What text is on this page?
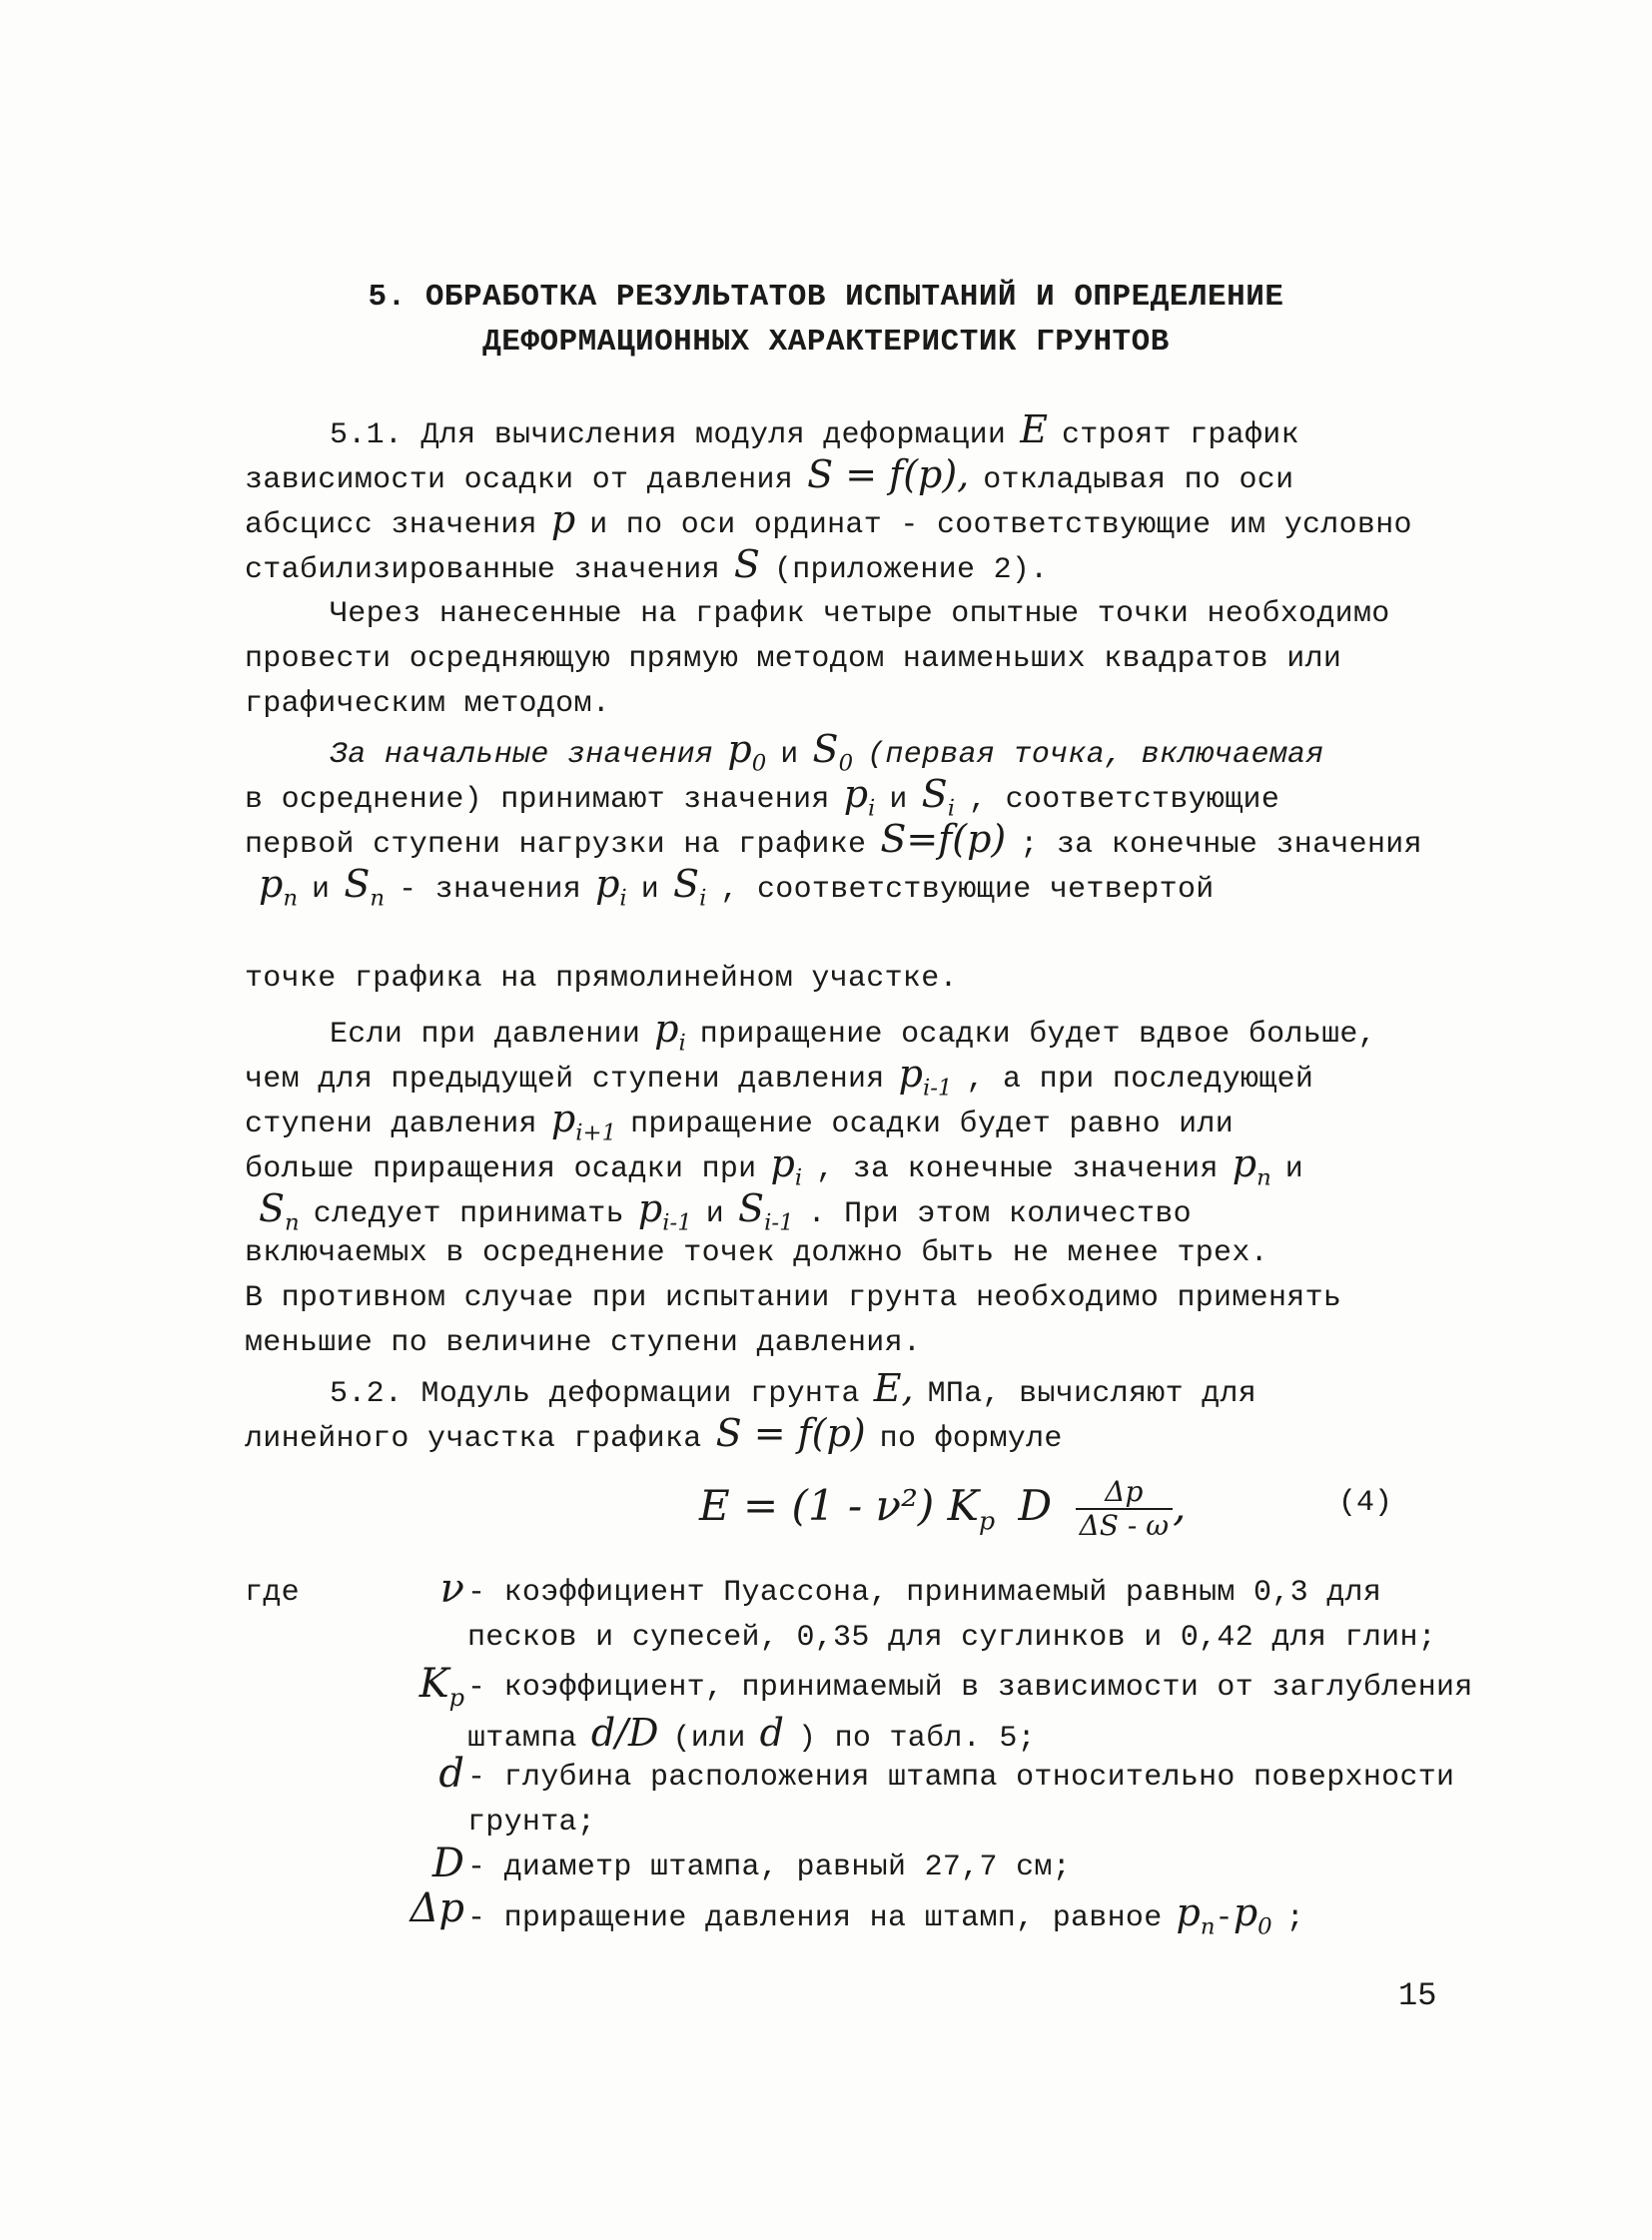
5. ОБРАБОТКА РЕЗУЛЬТАТОВ ИСПЫТАНИЙ И ОПРЕДЕЛЕНИЕ
ДЕФОРМАЦИОННЫХ ХАРАКТЕРИСТИК ГРУНТОВ
5.1. Для вычисления модуля деформации E строят график
зависимости осадки от давления S = f(p), откладывая по оси
абсцисс значения p и по оси ординат - соответствующие им условно
стабилизированные значения S (приложение 2).
Через нанесенные на график четыре опытные точки необходимо
провести осредняющую прямую методом наименьших квадратов или
графическим методом.
За начальные значения $p_0$ и $S_0$ (первая точка, включаемая
в осреднение) принимают значения $p_i$ и $S_i$ , соответствующие
первой ступени нагрузки на графике S=f(p) ; за конечные значения
$p_n$ и $S_n$ - значения $p_i$ и $S_i$ , соответствующие четвертой
точке графика на прямолинейном участке.
Если при давлении $p_i$ приращение осадки будет вдвое больше,
чем для предыдущей ступени давления $p_{i-1}$ , а при последующей
ступени давления $p_{i+1}$ приращение осадки будет равно или
больше приращения осадки при $p_i$ , за конечные значения $p_n$ и
$S_n$ следует принимать $p_{i-1}$ и $S_{i-1}$ . При этом количество
включаемых в осреднение точек должно быть не менее трех.
В противном случае при испытании грунта необходимо применять
меньшие по величине ступени давления.
5.2. Модуль деформации грунта E, МПа, вычисляют для
линейного участка графика S = f(p) по формуле
E = (1 - ν²) $K_p$ D $\frac{\Delta p}{\Delta S - \omega}$ ,	(4)
где	ν - коэффициент Пуассона, принимаемый равным 0,3 для
песков и супесей, 0,35 для суглинков и 0,42 для глин;
$K_p$ - коэффициент, принимаемый в зависимости от заглубления
штампа d/D (или d ) по табл. 5;
d - глубина расположения штампа относительно поверхности
грунта;
D - диаметр штампа, равный 27,7 см;
Δp - приращение давления на штамп, равное $p_n-p_0$ ;
15
